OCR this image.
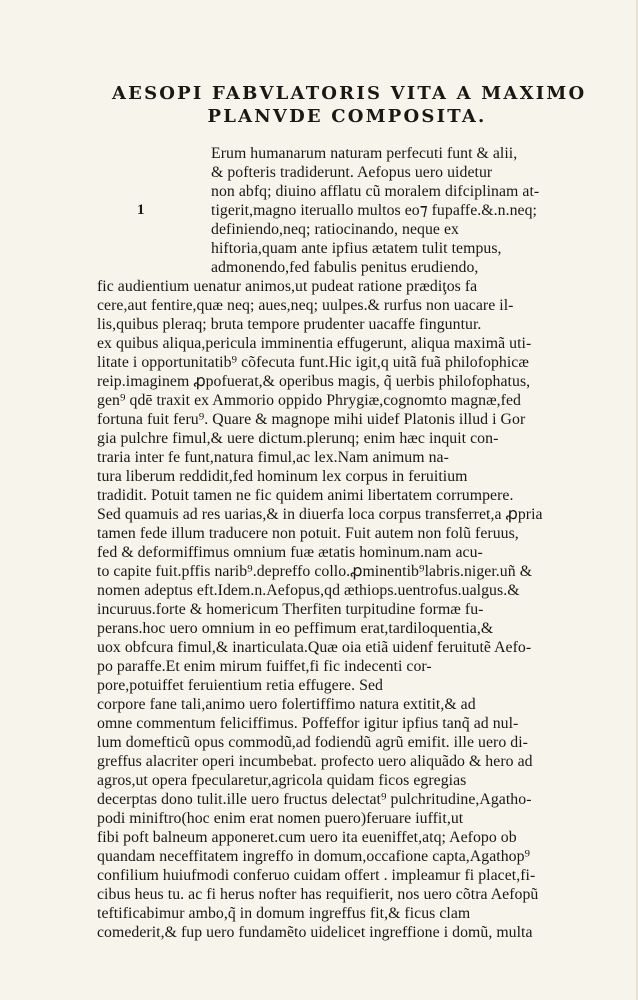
AESOPI FABVLATORIS VITA A MAXIMO
PLANVDE COMPOSITA.
1
Erum humanarum naturam perfecuti funt & alii,
& pofteris tradiderunt. Aefopus uero uidetur
non abfq; diuino afflatu cũ moralem difciplinam at-
tigerit,magno iteruallo multos eo⁊ fupaffe.&.n.neq;
definiendo,neq; ratiocinando, neque ex
hiftoria,quam ante ipfius ætatem tulit tempus,
admonendo,fed fabulis penitus erudiendo,
fic audientium uenatur animos,ut pudeat ratione prædiţos fa
cere,aut fentire,quæ neq; aues,neq; uulpes.& rurfus non uacare il-
lis,quibus pleraq; bruta tempore prudenter uacaffe finguntur.
ex quibus aliqua,pericula imminentia effugerunt, aliqua maximã uti-
litate i opportunitatib⁹ cõfecuta funt.Hic igit,q uitã fuã philofophicæ
reip.imaginem ꝓpofuerat,& operibus magis, q̃ uerbis philofophatus,
gen⁹ qdē traxit ex Ammorio oppido Phrygiæ,cognomto magnæ,fed
fortuna fuit feru⁹. Quare & magnope mihi uidef Platonis illud i Gor
gia pulchre fimul,& uere dictum.plerunq; enim hæc inquit con-
traria inter fe funt,natura fimul,ac lex.Nam animum na-
tura liberum reddidit,fed hominum lex corpus in feruitium
tradidit. Potuit tamen ne fic quidem animi libertatem corrumpere.
Sed quamuis ad res uarias,& in diuerfa loca corpus transferret,a ꝓpria
tamen fede illum traducere non potuit. Fuit autem non folũ feruus,
fed & deformiffimus omnium fuæ ætatis hominum.nam acu-
to capite fuit.pffis narib⁹.depreffo collo.ꝓminentib⁹labris.niger.uñ &
nomen adeptus eft.Idem.n.Aefopus,qd æthiops.uentrofus.ualgus.&
incuruus.forte & homericum Therfiten turpitudine formæ fu-
perans.hoc uero omnium in eo peffimum erat,tardiloquentia,&
uox obfcura fimul,& inarticulata.Quæ oia etiã uidenf feruitutẽ Aefo-
po paraffe.Et enim mirum fuiffet,fi fic indecenti cor-
pore,potuiffet feruientium retia effugere. Sed
corpore fane tali,animo uero folertiffimo natura extitit,& ad
omne commentum feliciffimus. Poffeffor igitur ipfius tanq̃ ad nul-
lum domefticũ opus commodũ,ad fodiendũ agrũ emifit. ille uero di-
greffus alacriter operi incumbebat. profecto uero aliquãdo & hero ad
agros,ut opera fpecularetur,agricola quidam ficos egregias
decerptas dono tulit.ille uero fructus delectat⁹ pulchritudine,Agatho-
podi miniftro(hoc enim erat nomen puero)feruare iuffit,ut
fibi poft balneum apponeret.cum uero ita eueniffet,atq; Aefopo ob
quandam neceffitatem ingreffo in domum,occafione capta,Agathop⁹
confilium huiufmodi conferuo cuidam offert . impleamur fi placet,fi-
cibus heus tu. ac fi herus nofter has requifierit, nos uero cõtra Aefopũ
teftificabimur ambo,q̃ in domum ingreffus fit,& ficus clam
comederit,& fup uero fundamẽto uidelicet ingreffione i domũ, multa
